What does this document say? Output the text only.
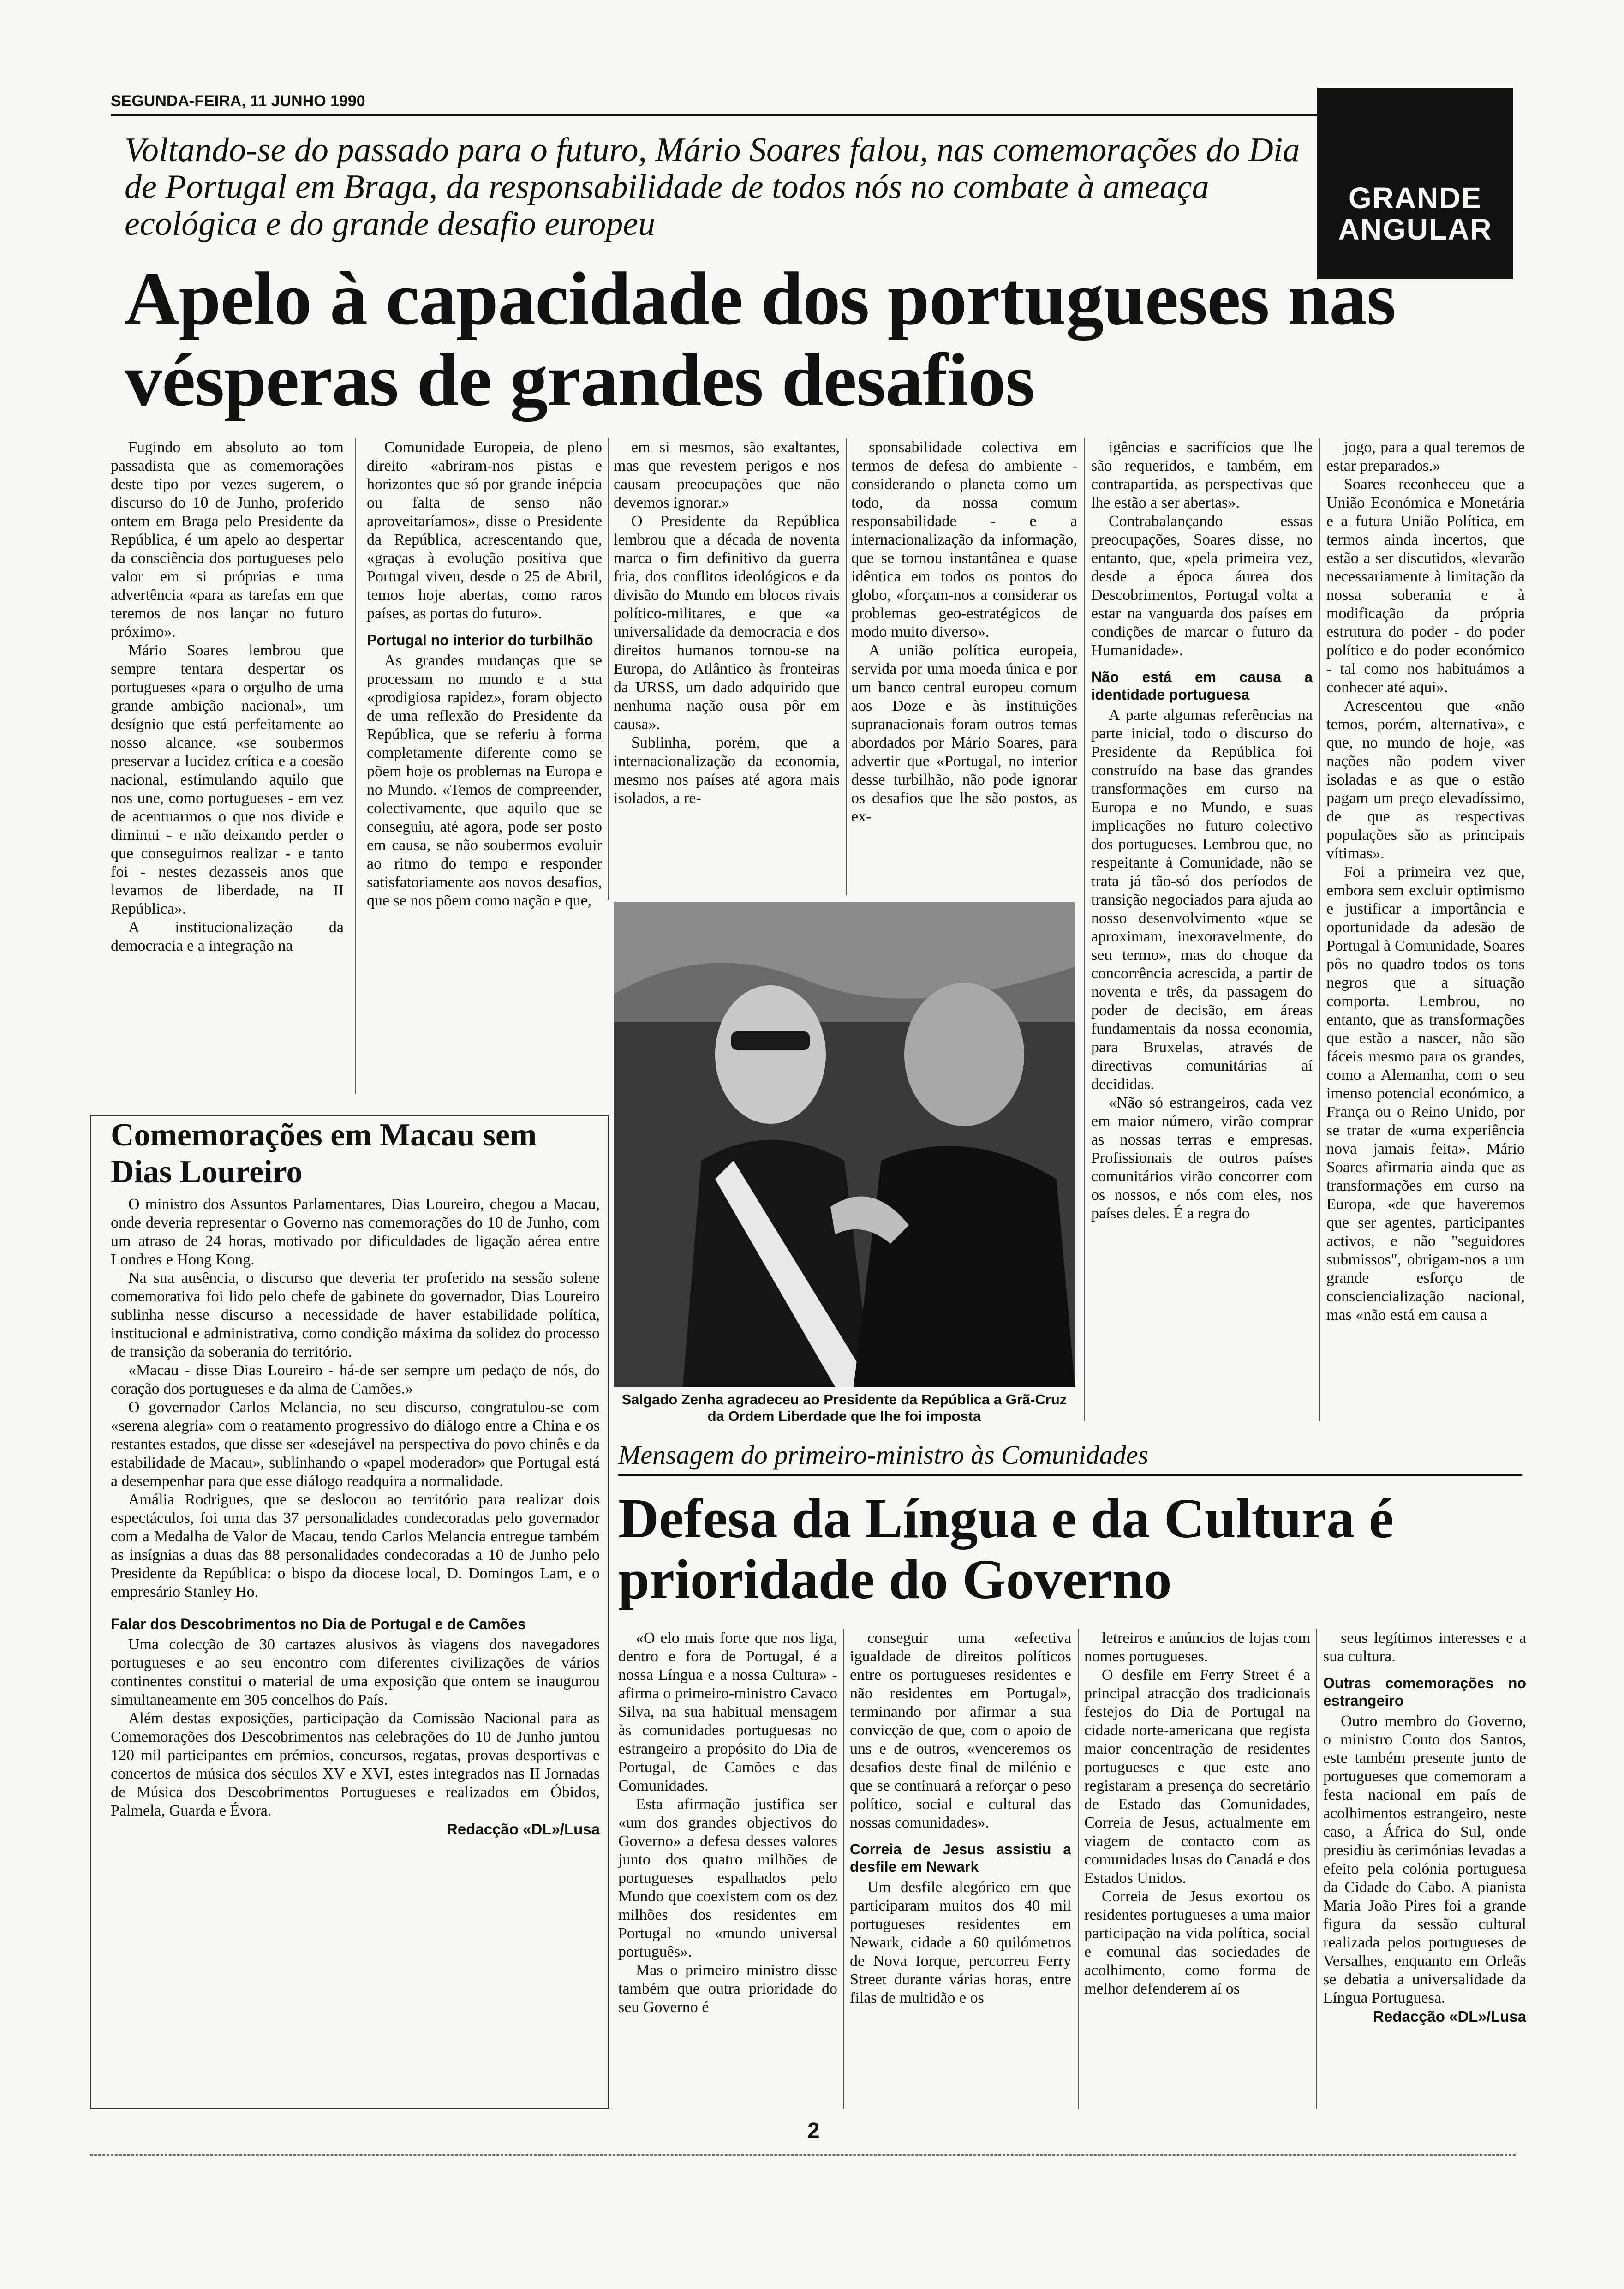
SEGUNDA-FEIRA, 11 JUNHO 1990
GRANDE ANGULAR
Voltando-se do passado para o futuro, Mário Soares falou, nas comemorações do Dia de Portugal em Braga, da responsabilidade de todos nós no combate à ameaça ecológica e do grande desafio europeu
Apelo à capacidade dos portugueses nas vésperas de grandes desafios

Fugindo em absoluto ao tom passadista que as comemorações deste tipo por vezes sugerem, o discurso do 10 de Junho, proferido ontem em Braga pelo Presidente da República, é um apelo ao despertar da consciência dos portugueses pelo valor em si próprias e uma advertência «para as tarefas em que teremos de nos lançar no futuro próximo».

Mário Soares lembrou que sempre tentara despertar os portugueses «para o orgulho de uma grande ambição nacional», um desígnio que está perfeitamente ao nosso alcance, «se soubermos preservar a lucidez crítica e a coesão nacional, estimulando aquilo que nos une, como portugueses - em vez de acentuarmos o que nos divide e diminui - e não deixando perder o que conseguimos realizar - e tanto foi - nestes dezasseis anos que levamos de liberdade, na II República».

A institucionalização da democracia e a integração na

Comunidade Europeia, de pleno direito «abriram-nos pistas e horizontes que só por grande inépcia ou falta de senso não aproveitaríamos», disse o Presidente da República, acrescentando que, «graças à evolução positiva que Portugal viveu, desde o 25 de Abril, temos hoje abertas, como raros países, as portas do futuro».

Portugal no interior do turbilhão

As grandes mudanças que se processam no mundo e a sua «prodigiosa rapidez», foram objecto de uma reflexão do Presidente da República, que se referiu à forma completamente diferente como se põem hoje os problemas na Europa e no Mundo. «Temos de compreender, colectivamente, que aquilo que se conseguiu, até agora, pode ser posto em causa, se não soubermos evoluir ao ritmo do tempo e responder satisfatoriamente aos novos desafios, que se nos põem como nação e que,

em si mesmos, são exaltantes, mas que revestem perigos e nos causam preocupações que não devemos ignorar.»

O Presidente da República lembrou que a década de noventa marca o fim definitivo da guerra fria, dos conflitos ideológicos e da divisão do Mundo em blocos rivais político-militares, e que «a universalidade da democracia e dos direitos humanos tornou-se na Europa, do Atlântico às fronteiras da URSS, um dado adquirido que nenhuma nação ousa pôr em causa».

Sublinha, porém, que a internacionalização da economia, mesmo nos países até agora mais isolados, a re-

sponsabilidade colectiva em termos de defesa do ambiente - considerando o planeta como um todo, da nossa comum responsabilidade - e a internacionalização da informação, que se tornou instantânea e quase idêntica em todos os pontos do globo, «forçam-nos a considerar os problemas geo-estratégicos de modo muito diverso».

A união política europeia, servida por uma moeda única e por um banco central europeu comum aos Doze e às instituições supranacionais foram outros temas abordados por Mário Soares, para advertir que «Portugal, no interior desse turbilhão, não pode ignorar os desafios que lhe são postos, as ex-

igências e sacrifícios que lhe são requeridos, e também, em contrapartida, as perspectivas que lhe estão a ser abertas».

Contrabalançando essas preocupações, Soares disse, no entanto, que, «pela primeira vez, desde a época áurea dos Descobrimentos, Portugal volta a estar na vanguarda dos países em condições de marcar o futuro da Humanidade».

Não está em causa a identidade portuguesa

A parte algumas referências na parte inicial, todo o discurso do Presidente da República foi construído na base das grandes transformações em curso na Europa e no Mundo, e suas implicações no futuro colectivo dos portugueses. Lembrou que, no respeitante à Comunidade, não se trata já tão-só dos períodos de transição negociados para ajuda ao nosso desenvolvimento «que se aproximam, inexoravelmente, do seu termo», mas do choque da concorrência acrescida, a partir de noventa e três, da passagem do poder de decisão, em áreas fundamentais da nossa economia, para Bruxelas, através de directivas comunitárias aí decididas.

«Não só estrangeiros, cada vez em maior número, virão comprar as nossas terras e empresas. Profissionais de outros países comunitários virão concorrer com os nossos, e nós com eles, nos países deles. É a regra do

jogo, para a qual teremos de estar preparados.»

Soares reconheceu que a União Económica e Monetária e a futura União Política, em termos ainda incertos, que estão a ser discutidos, «levarão necessariamente à limitação da nossa soberania e à modificação da própria estrutura do poder - do poder político e do poder económico - tal como nos habituámos a conhecer até aqui».

Acrescentou que «não temos, porém, alternativa», e que, no mundo de hoje, «as nações não podem viver isoladas e as que o estão pagam um preço elevadíssimo, de que as respectivas populações são as principais vítimas».

Foi a primeira vez que, embora sem excluir optimismo e justificar a importância e oportunidade da adesão de Portugal à Comunidade, Soares pôs no quadro todos os tons negros que a situação comporta. Lembrou, no entanto, que as transformações que estão a nascer, não são fáceis mesmo para os grandes, como a Alemanha, com o seu imenso potencial económico, a França ou o Reino Unido, por se tratar de «uma experiência nova jamais feita». Mário Soares afirmaria ainda que as transformações em curso na Europa, «de que haveremos que ser agentes, participantes activos, e não "seguidores submissos", obrigam-nos a um grande esforço de consciencialização nacional, mas «não está em causa a

Salgado Zenha agradeceu ao Presidente da República a Grã-Cruz da Ordem Liberdade que lhe foi imposta
Comemorações em Macau sem Dias Loureiro

O ministro dos Assuntos Parlamentares, Dias Loureiro, chegou a Macau, onde deveria representar o Governo nas comemorações do 10 de Junho, com um atraso de 24 horas, motivado por dificuldades de ligação aérea entre Londres e Hong Kong.

Na sua ausência, o discurso que deveria ter proferido na sessão solene comemorativa foi lido pelo chefe de gabinete do governador, Dias Loureiro sublinha nesse discurso a necessidade de haver estabilidade política, institucional e administrativa, como condição máxima da solidez do processo de transição da soberania do território.

«Macau - disse Dias Loureiro - há-de ser sempre um pedaço de nós, do coração dos portugueses e da alma de Camões.»

O governador Carlos Melancia, no seu discurso, congratulou-se com «serena alegria» com o reatamento progressivo do diálogo entre a China e os restantes estados, que disse ser «desejável na perspectiva do povo chinês e da estabilidade de Macau», sublinhando o «papel moderador» que Portugal está a desempenhar para que esse diálogo readquira a normalidade.

Amália Rodrigues, que se deslocou ao território para realizar dois espectáculos, foi uma das 37 personalidades condecoradas pelo governador com a Medalha de Valor de Macau, tendo Carlos Melancia entregue também as insígnias a duas das 88 personalidades condecoradas a 10 de Junho pelo Presidente da República: o bispo da diocese local, D. Domingos Lam, e o empresário Stanley Ho.

Falar dos Descobrimentos no Dia de Portugal e de Camões

Uma colecção de 30 cartazes alusivos às viagens dos navegadores portugueses e ao seu encontro com diferentes civilizações de vários continentes constitui o material de uma exposição que ontem se inaugurou simultaneamente em 305 concelhos do País.

Além destas exposições, participação da Comissão Nacional para as Comemorações dos Descobrimentos nas celebrações do 10 de Junho juntou 120 mil participantes em prémios, concursos, regatas, provas desportivas e concertos de música dos séculos XV e XVI, estes integrados nas II Jornadas de Música dos Descobrimentos Portugueses e realizados em Óbidos, Palmela, Guarda e Évora.

Redacção «DL»/Lusa
Mensagem do primeiro-ministro às Comunidades
Defesa da Língua e da Cultura é prioridade do Governo

«O elo mais forte que nos liga, dentro e fora de Portugal, é a nossa Língua e a nossa Cultura» - afirma o primeiro-ministro Cavaco Silva, na sua habitual mensagem às comunidades portuguesas no estrangeiro a propósito do Dia de Portugal, de Camões e das Comunidades.

Esta afirmação justifica ser «um dos grandes objectivos do Governo» a defesa desses valores junto dos quatro milhões de portugueses espalhados pelo Mundo que coexistem com os dez milhões dos residentes em Portugal no «mundo universal português».

Mas o primeiro ministro disse também que outra prioridade do seu Governo é

conseguir uma «efectiva igualdade de direitos políticos entre os portugueses residentes e não residentes em Portugal», terminando por afirmar a sua convicção de que, com o apoio de uns e de outros, «venceremos os desafios deste final de milénio e que se continuará a reforçar o peso político, social e cultural das nossas comunidades».

Correia de Jesus assistiu a desfile em Newark

Um desfile alegórico em que participaram muitos dos 40 mil portugueses residentes em Newark, cidade a 60 quilómetros de Nova Iorque, percorreu Ferry Street durante várias horas, entre filas de multidão e os

letreiros e anúncios de lojas com nomes portugueses.

O desfile em Ferry Street é a principal atracção dos tradicionais festejos do Dia de Portugal na cidade norte-americana que regista maior concentração de residentes portugueses e que este ano registaram a presença do secretário de Estado das Comunidades, Correia de Jesus, actualmente em viagem de contacto com as comunidades lusas do Canadá e dos Estados Unidos.

Correia de Jesus exortou os residentes portugueses a uma maior participação na vida política, social e comunal das sociedades de acolhimento, como forma de melhor defenderem aí os

seus legítimos interesses e a sua cultura.

Outras comemorações no estrangeiro

Outro membro do Governo, o ministro Couto dos Santos, este também presente junto de portugueses que comemoram a festa nacional em país de acolhimentos estrangeiro, neste caso, a África do Sul, onde presidiu às cerimónias levadas a efeito pela colónia portuguesa da Cidade do Cabo. A pianista Maria João Pires foi a grande figura da sessão cultural realizada pelos portugueses de Versalhes, enquanto em Orleãs se debatia a universalidade da Língua Portuguesa.

Redacção «DL»/Lusa
2
